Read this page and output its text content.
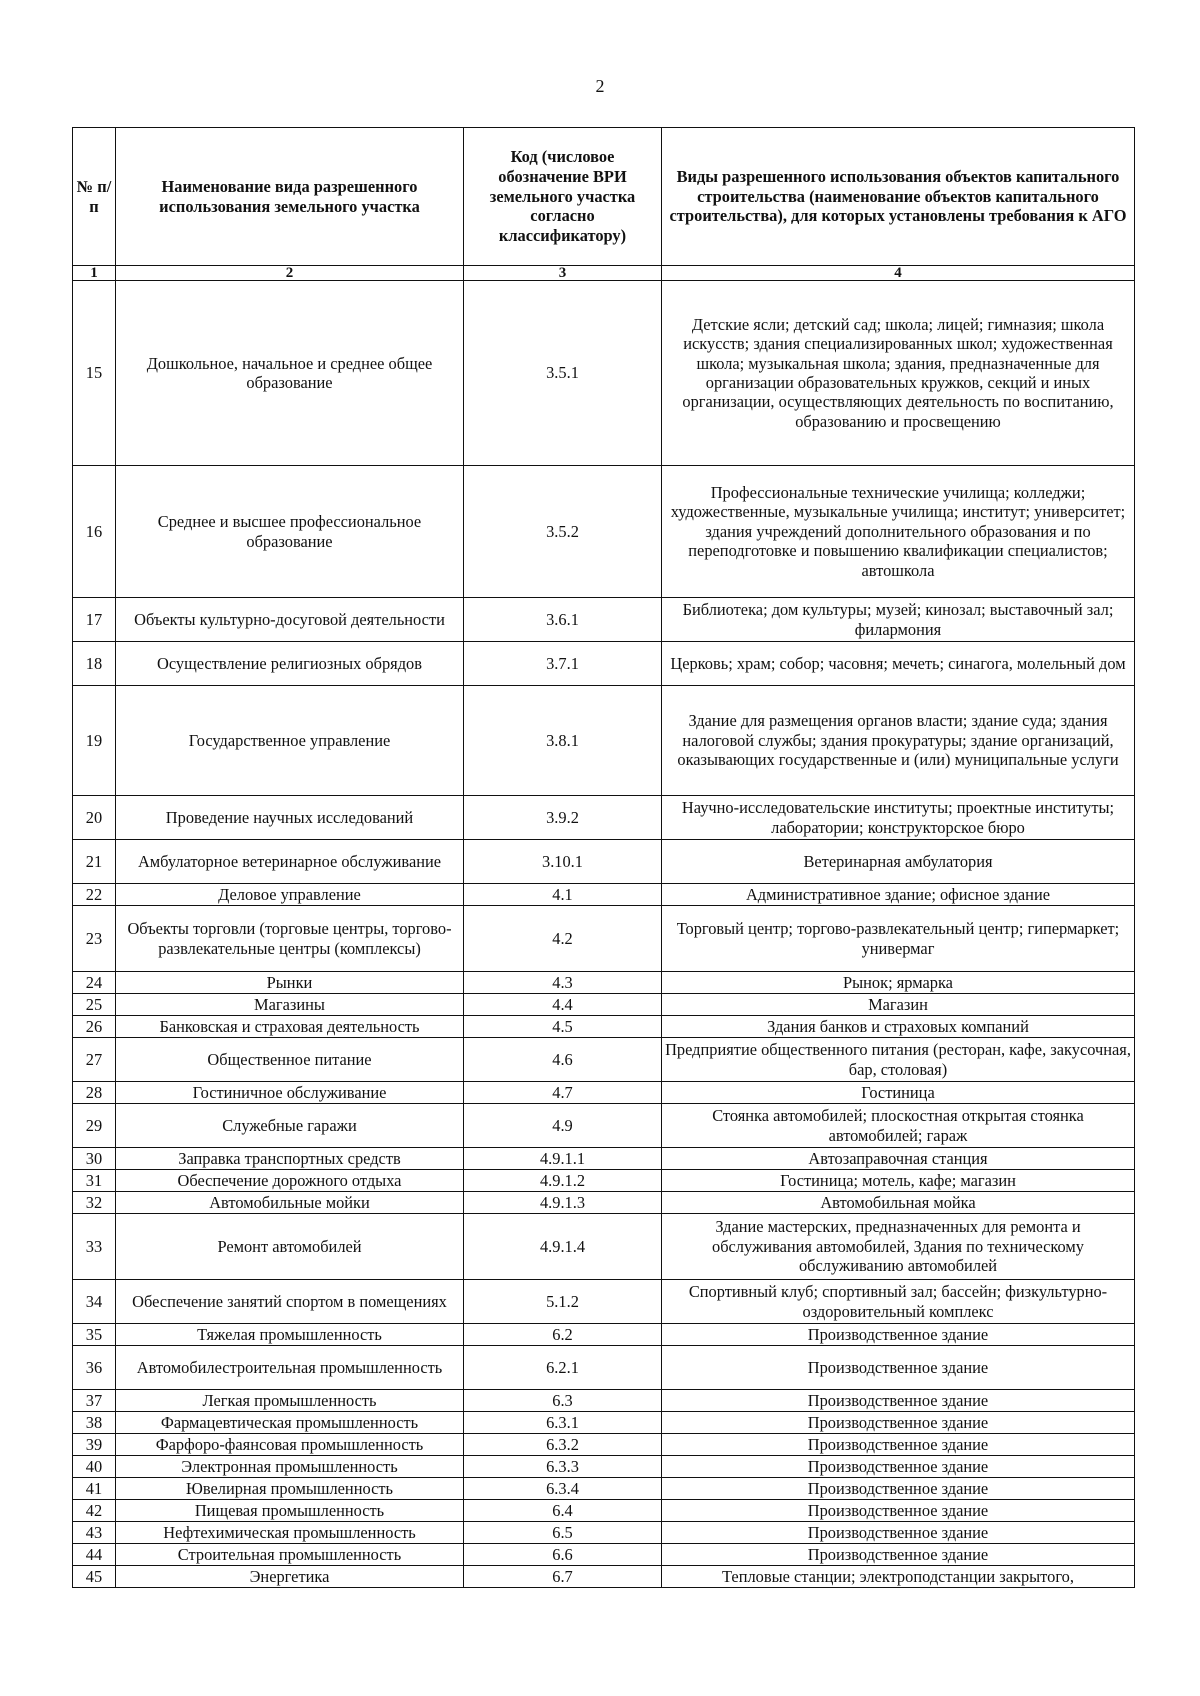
2
№ п/п	Наименование вида разрешенного использования земельного участка	Код (числовое обозначение ВРИ земельного участка согласно классификатору)	Виды разрешенного использования объектов капитального строительства (наименование объектов капитального строительства), для которых установлены требования к АГО
1	2	3	4
15	Дошкольное, начальное и среднее общее образование	3.5.1	Детские ясли; детский сад; школа; лицей; гимназия; школа искусств; здания специализированных школ; художественная школа; музыкальная школа; здания, предназначенные для организации образовательных кружков, секций и иных организации, осуществляющих деятельность по воспитанию, образованию и просвещению
16	Среднее и высшее профессиональное образование	3.5.2	Профессиональные технические училища; колледжи; художественные, музыкальные училища; институт; университет; здания учреждений дополнительного образования и по переподготовке и повышению квалификации специалистов; автошкола
17	Объекты культурно-досуговой деятельности	3.6.1	Библиотека; дом культуры; музей; кинозал; выставочный зал; филармония
18	Осуществление религиозных обрядов	3.7.1	Церковь; храм; собор; часовня; мечеть; синагога, молельный дом
19	Государственное управление	3.8.1	Здание для размещения органов власти; здание суда; здания налоговой службы; здания прокуратуры; здание организаций, оказывающих государственные и (или) муниципальные услуги
20	Проведение научных исследований	3.9.2	Научно-исследовательские институты; проектные институты; лаборатории; конструкторское бюро
21	Амбулаторное ветеринарное обслуживание	3.10.1	Ветеринарная амбулатория
22	Деловое управление	4.1	Административное здание; офисное здание
23	Объекты торговли (торговые центры, торгово- развлекательные центры (комплексы)	4.2	Торговый центр; торгово-развлекательный центр; гипермаркет; универмаг
24	Рынки	4.3	Рынок; ярмарка
25	Магазины	4.4	Магазин
26	Банковская и страховая деятельность	4.5	Здания банков и страховых компаний
27	Общественное питание	4.6	Предприятие общественного питания (ресторан, кафе, закусочная, бар, столовая)
28	Гостиничное обслуживание	4.7	Гостиница
29	Служебные гаражи	4.9	Стоянка автомобилей; плоскостная открытая стоянка автомобилей; гараж
30	Заправка транспортных средств	4.9.1.1	Автозаправочная станция
31	Обеспечение дорожного отдыха	4.9.1.2	Гостиница; мотель, кафе; магазин
32	Автомобильные мойки	4.9.1.3	Автомобильная мойка
33	Ремонт автомобилей	4.9.1.4	Здание мастерских, предназначенных для ремонта и обслуживания автомобилей, Здания по техническому обслуживанию автомобилей
34	Обеспечение занятий спортом в помещениях	5.1.2	Спортивный клуб; спортивный зал; бассейн; физкультурно-оздоровительный комплекс
35	Тяжелая промышленность	6.2	Производственное здание
36	Автомобилестроительная промышленность	6.2.1	Производственное здание
37	Легкая промышленность	6.3	Производственное здание
38	Фармацевтическая промышленность	6.3.1	Производственное здание
39	Фарфоро-фаянсовая промышленность	6.3.2	Производственное здание
40	Электронная промышленность	6.3.3	Производственное здание
41	Ювелирная промышленность	6.3.4	Производственное здание
42	Пищевая промышленность	6.4	Производственное здание
43	Нефтехимическая промышленность	6.5	Производственное здание
44	Строительная промышленность	6.6	Производственное здание
45	Энергетика	6.7	Тепловые станции; электроподстанции закрытого,
